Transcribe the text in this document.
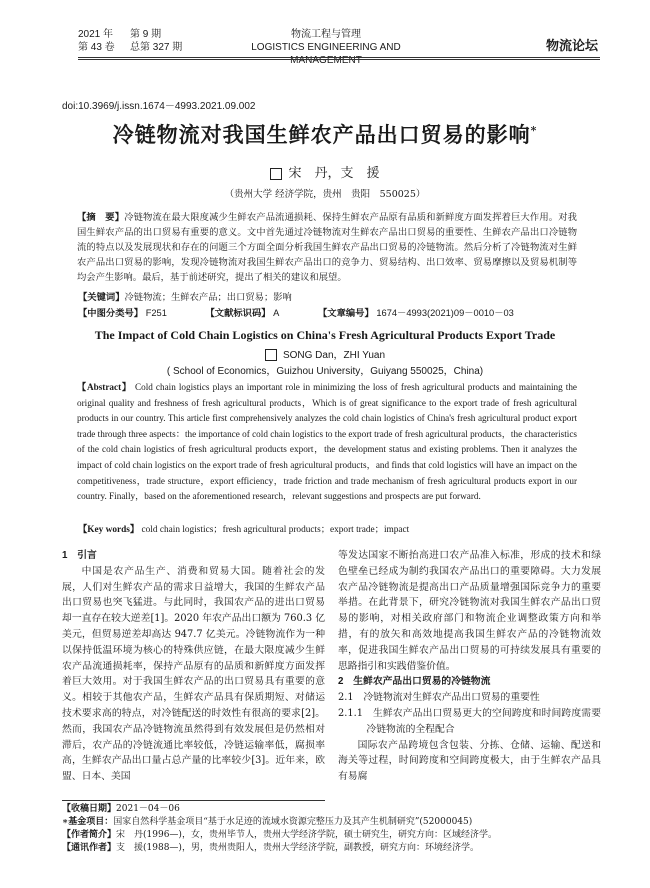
2021 年 第 9 期
第 43 卷 总第 327 期
物流工程与管理
LOGISTICS ENGINEERING AND MANAGEMENT
物流论坛
doi:10.3969/j.issn.1674－4993.2021.09.002
冷链物流对我国生鲜农产品出口贸易的影响*
宋　丹，支　援
（贵州大学 经济学院，贵州　贵阳　550025）
【摘　要】冷链物流在最大限度减少生鲜农产品流通损耗、保持生鲜农产品原有品质和新鲜度方面发挥着巨大作用。对我国生鲜农产品的出口贸易有重要的意义。文中首先通过冷链物流对生鲜农产品出口贸易的重要性、生鲜农产品出口冷链物流的特点以及发展现状和存在的问题三个方面全面分析我国生鲜农产品出口贸易的冷链物流。然后分析了冷链物流对生鲜农产品出口贸易的影响，发现冷链物流对我国生鲜农产品出口的竞争力、贸易结构、出口效率、贸易摩擦以及贸易机制等均会产生影响。最后，基于前述研究，提出了相关的建议和展望。
【关键词】冷链物流；生鲜农产品；出口贸易；影响
【中图分类号】 F251	【文献标识码】 A	【文章编号】 1674－4993(2021)09－0010－03
The Impact of Cold Chain Logistics on China's Fresh Agricultural Products Export Trade
SONG Dan，ZHI Yuan
( School of Economics，Guizhou University，Guiyang 550025，China)
【Abstract】 Cold chain logistics plays an important role in minimizing the loss of fresh agricultural products and maintaining the original quality and freshness of fresh agricultural products，Which is of great significance to the export trade of fresh agricultural products in our country. This article first comprehensively analyzes the cold chain logistics of China's fresh agricultural product export trade through three aspects：the importance of cold chain logistics to the export trade of fresh agricultural products，the characteristics of the cold chain logistics of fresh agricultural products export，the development status and existing problems. Then it analyzes the impact of cold chain logistics on the export trade of fresh agricultural products，and finds that cold logistics will have an impact on the competitiveness，trade structure，export efficiency，trade friction and trade mechanism of fresh agricultural products export in our country. Finally，based on the aforementioned research，relevant suggestions and prospects are put forward.
【Key words】 cold chain logistics；fresh agricultural products；export trade；impact

1　引言

中国是农产品生产、消费和贸易大国。随着社会的发展，人们对生鲜农产品的需求日益增大，我国的生鲜农产品出口贸易也突飞猛进。与此同时，我国农产品的进出口贸易却一直存在较大逆差[1]。2020 年农产品出口额为 760.3 亿美元，但贸易逆差却高达 947.7 亿美元。冷链物流作为一种以保持低温环境为核心的特殊供应链，在最大限度减少生鲜农产品流通损耗率，保持产品原有的品质和新鲜度方面发挥着巨大效用。对于我国生鲜农产品的出口贸易具有重要的意义。相较于其他农产品，生鲜农产品具有保质期短、对储运技术要求高的特点，对冷链配送的时效性有很高的要求[2]。然而，我国农产品冷链物流虽然得到有效发展但是仍然相对滞后，农产品的冷链流通比率较低，冷链运输率低，腐损率高，生鲜农产品出口量占总产量的比率较少[3]。近年来，欧盟、日本、美国

等发达国家不断抬高进口农产品准入标准，形成的技术和绿色壁垒已经成为制约我国农产品出口的重要障碍。大力发展农产品冷链物流是提高出口产品质量增强国际竞争力的重要举措。在此背景下，研究冷链物流对我国生鲜农产品出口贸易的影响，对相关政府部门和物流企业调整政策方向和举措，有的放矢和高效地提高我国生鲜农产品的冷链物流效率，促进我国生鲜农产品出口贸易的可持续发展具有重要的思路指引和实践借鉴价值。

2　生鲜农产品出口贸易的冷链物流

2.1　冷链物流对生鲜农产品出口贸易的重要性

2.1.1　生鲜农产品出口贸易更大的空间跨度和时间跨度需要冷链物流的全程配合

国际农产品跨境包含包装、分拣、仓储、运输、配送和海关等过程，时间跨度和空间跨度极大，由于生鲜农产品具有易腐

【收稿日期】2021－04－06

∗基金项目：国家自然科学基金项目“基于水足迹的流域水资源完整压力及其产生机制研究”(52000045)

【作者简介】宋　丹(1996—)，女，贵州毕节人，贵州大学经济学院，硕士研究生，研究方向：区域经济学。

【通讯作者】支　援(1988—)，男，贵州贵阳人，贵州大学经济学院，副教授，研究方向：环境经济学。
